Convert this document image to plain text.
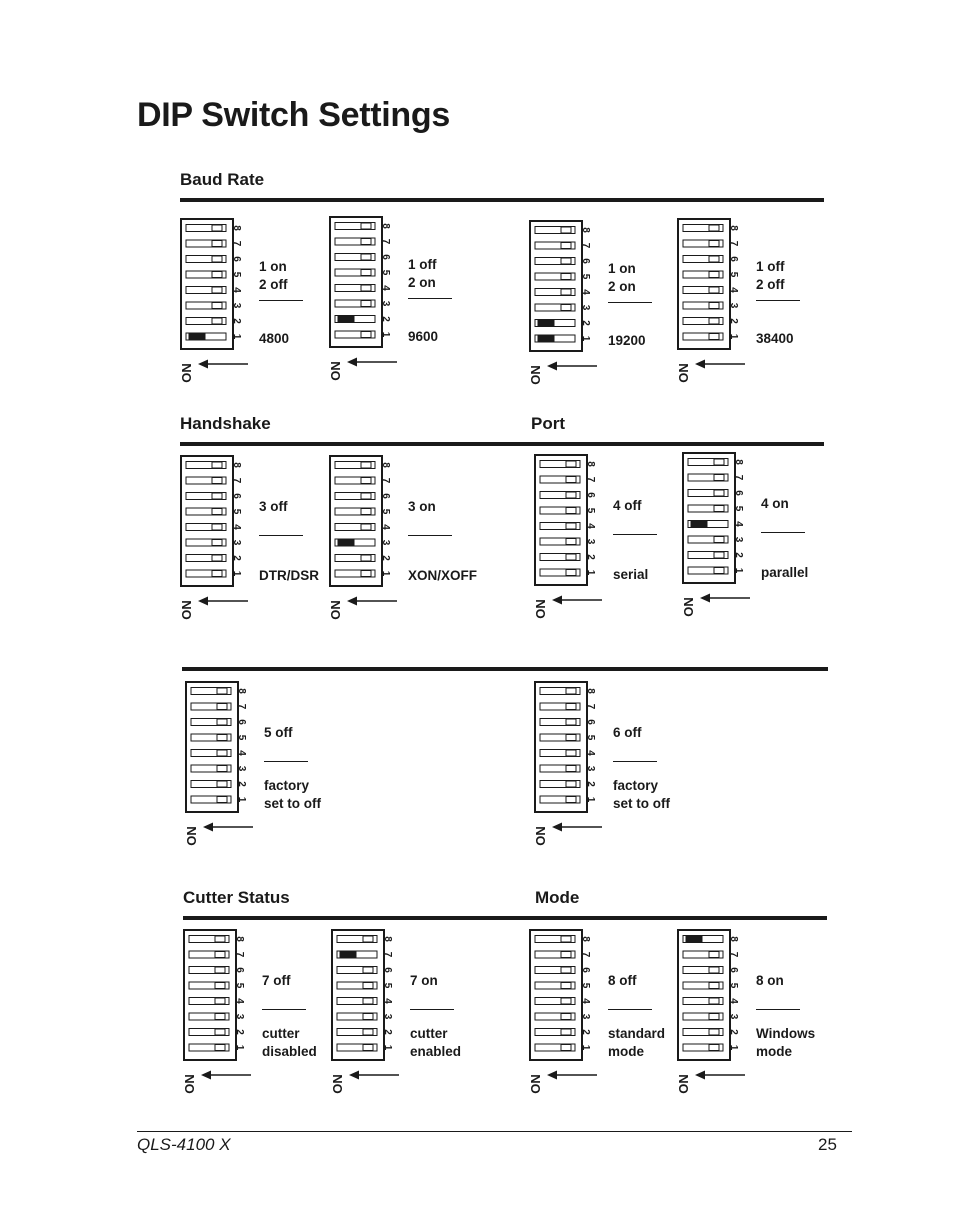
DIP Switch Settings
Baud Rate
Handshake	Port
Cutter Status	Mode
1
2
3
4
5
6
7
8
ON
1 on
2 off
4800	1
2
3
4
5
6
7
8
ON
1 off
2 on
9600	1
2
3
4
5
6
7
8
ON
1 on
2 on
19200	1
2
3
4
5
6
7
8
ON
1 off
2 off
38400
1
2
3
4
5
6
7
8
ON
3 off
DTR/DSR	1
2
3
4
5
6
7
8
ON
3 on
XON/XOFF	1
2
3
4
5
6
7
8
ON
4 off
serial	1
2
3
4
5
6
7
8
ON
4 on
parallel
1
2
3
4
5
6
7
8
ON
5 off
factory
set to off	1
2
3
4
5
6
7
8
ON
6 off
factory
set to off
1
2
3
4
5
6
7
8
ON
7 off
cutter
disabled	1
2
3
4
5
6
7
8
ON
7 on
cutter
enabled	1
2
3
4
5
6
7
8
ON
8 off
standard
mode	1
2
3
4
5
6
7
8
ON
8 on
Windows
mode
QLS-4100 X	25
